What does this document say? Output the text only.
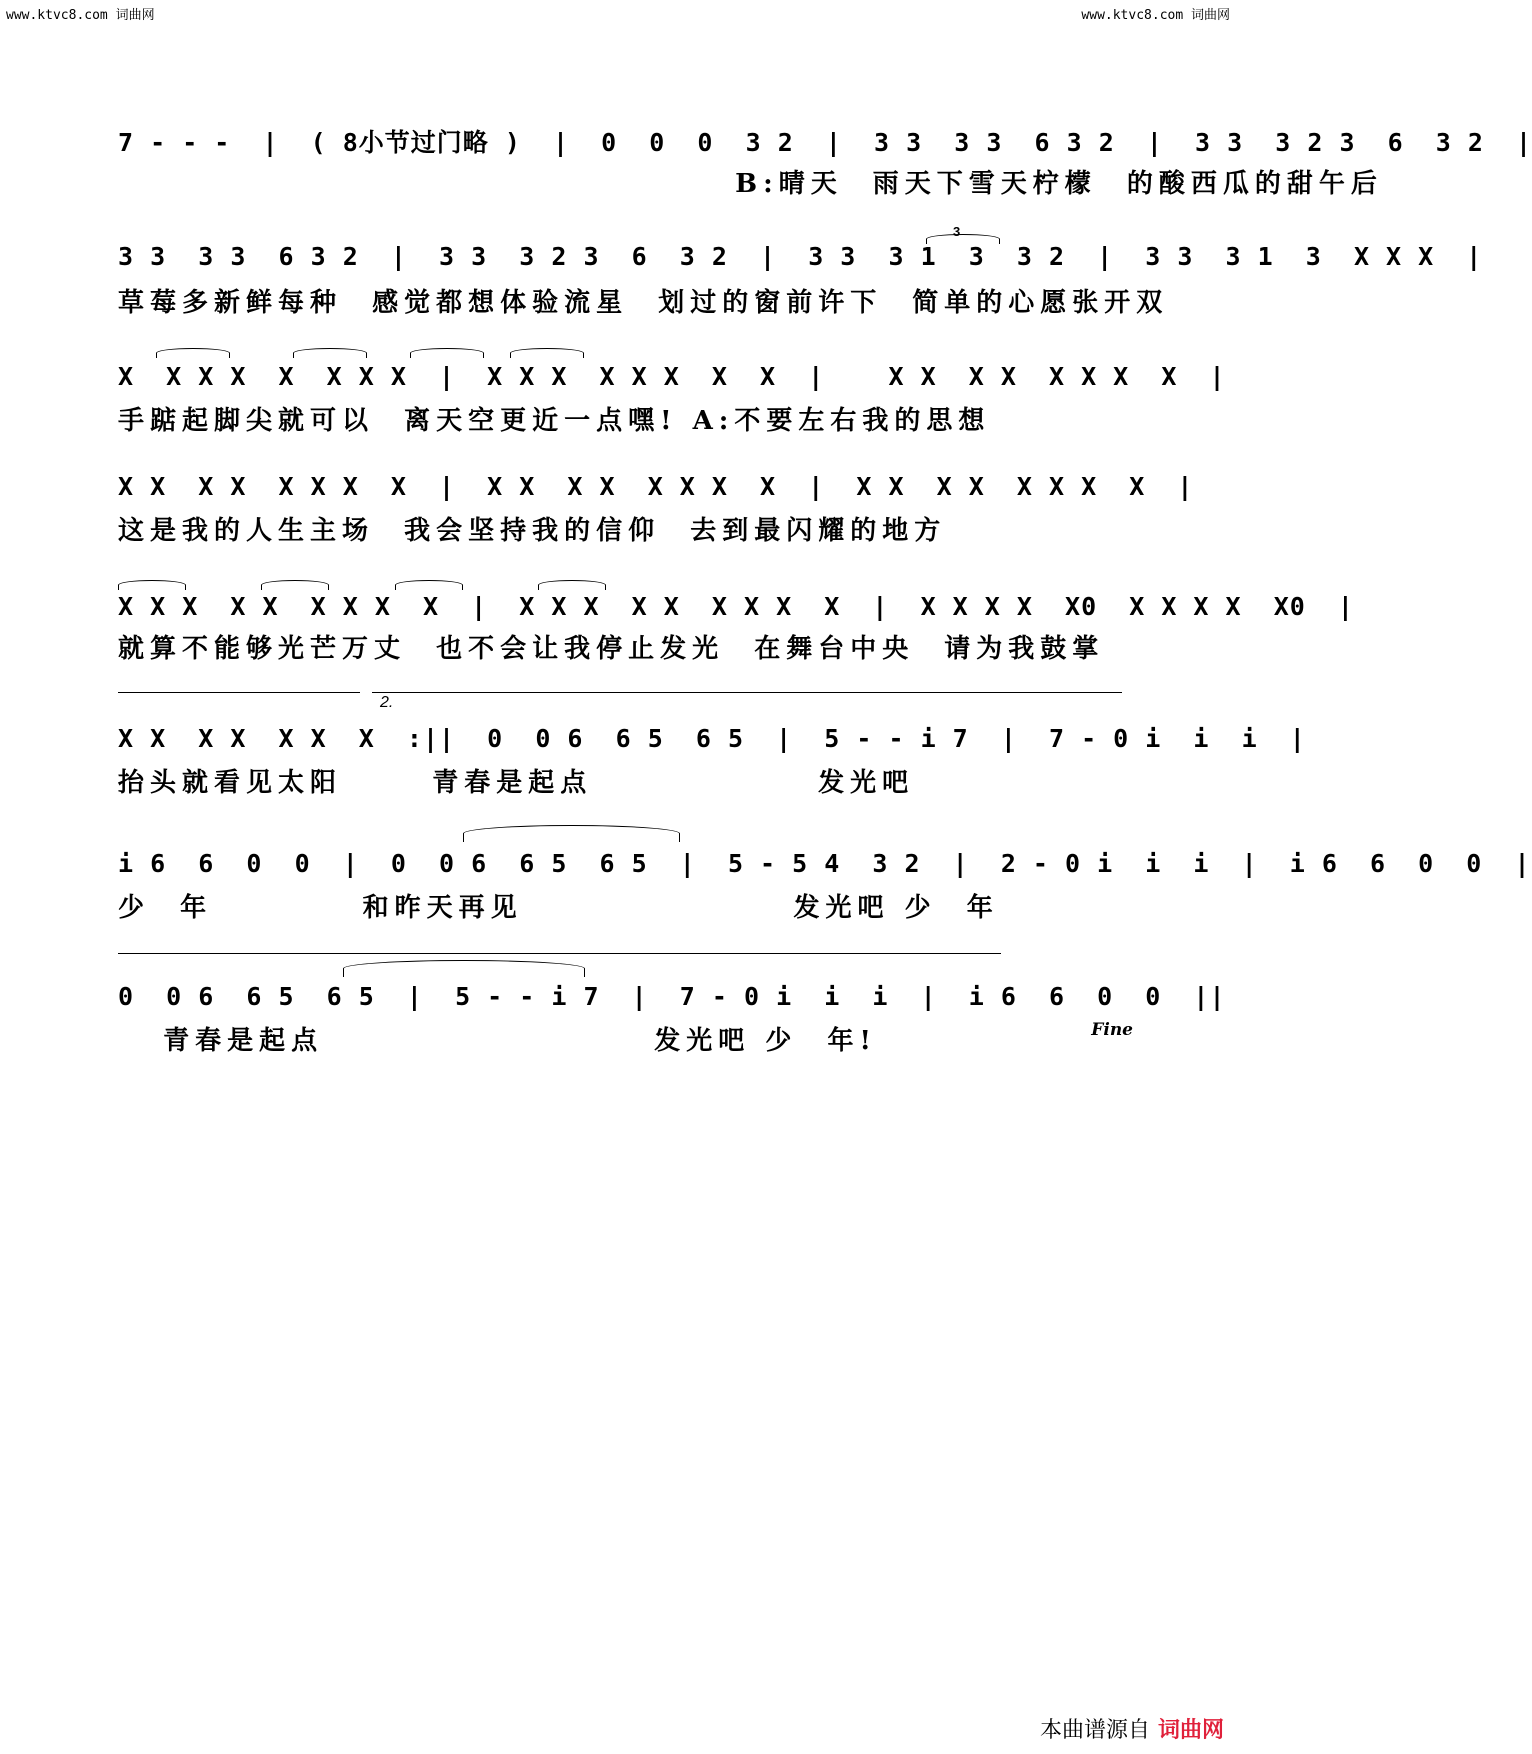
www.ktvc8.com 词曲网	www.ktvc8.com 词曲网
7 - - -  |  ( 8小节过门略 )  |  0  0  0  3 2  |  3 3  3 3  6 3 2  |  3 3  3 2 3  6  3 2  |
B:晴天  雨天下雪天柠檬  的酸西瓜的甜午后
3
3 3  3 3  6 3 2  |  3 3  3 2 3  6  3 2  |  3 3  3 1  3  3 2  |  3 3  3 1  3  X X X  |
草莓多新鲜每种  感觉都想体验流星  划过的窗前许下  简单的心愿张开双
X  X X X  X  X X X  |  X X X  X X X  X  X  |    X X  X X  X X X  X  |
手踮起脚尖就可以  离天空更近一点嘿! A:不要左右我的思想
X X  X X  X X X  X  |  X X  X X  X X X  X  |  X X  X X  X X X  X  |
这是我的人生主场  我会坚持我的信仰  去到最闪耀的地方
X X X  X X  X X X  X  |  X X X  X X  X X X  X  |  X X X X  X0  X X X X  X0  |
就算不能够光芒万丈  也不会让我停止发光  在舞台中央  请为我鼓掌
2.
X X  X X  X X  X  :||  0  0 6  6 5  6 5  |  5 - - i 7  |  7 - 0 i  i  i  |
抬头就看见太阳      青春是起点               发光吧
i 6  6  0  0  |  0  0 6  6 5  6 5  |  5 - 5 4  3 2  |  2 - 0 i  i  i  |  i 6  6  0  0  |
少  年          和昨天再见                  发光吧 少  年
0  0 6  6 5  6 5  |  5 - - i 7  |  7 - 0 i  i  i  |  i 6  6  0  0  ||
青春是起点                      发光吧 少  年!	Fine
本曲谱源自 词曲网
